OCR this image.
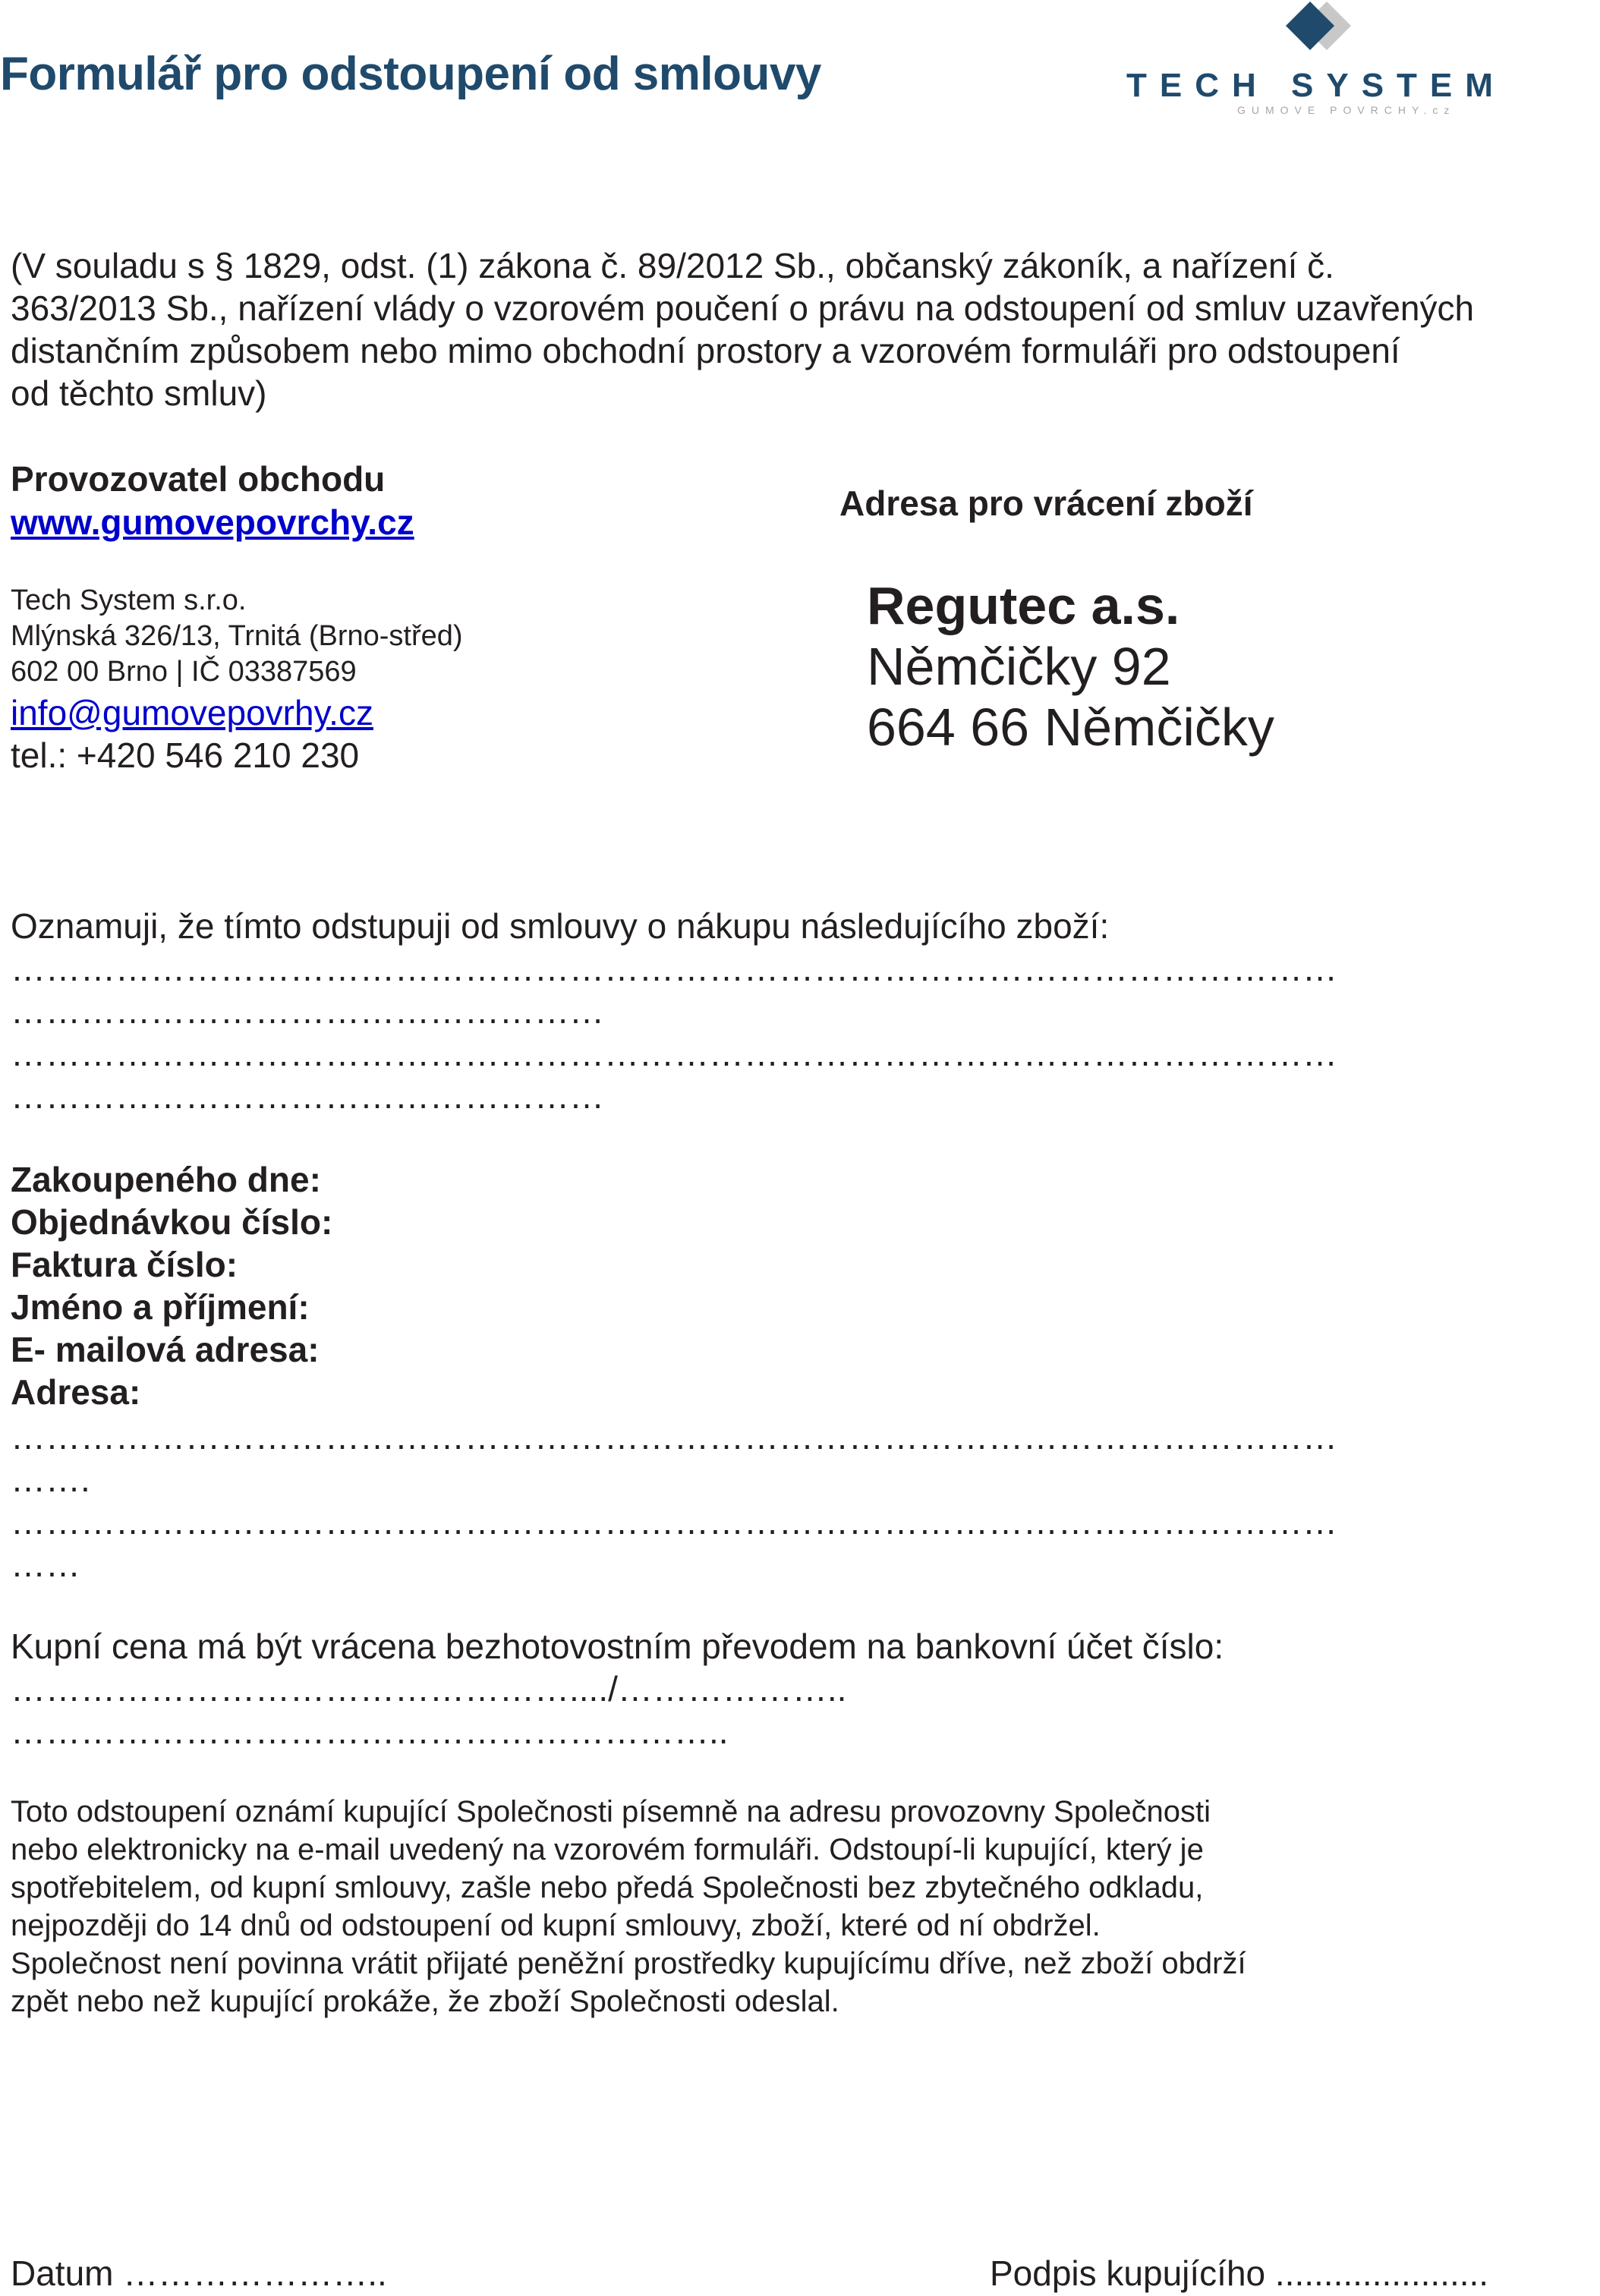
Formulář pro odstoupení od smlouvy	TECH SYSTEM
GUMOVE POVRCHY.cz
(V souladu s § 1829, odst. (1) zákona č. 89/2012 Sb., občanský zákoník, a nařízení č.
363/2013 Sb., nařízení vlády o vzorovém poučení o právu na odstoupení od smluv uzavřených
distančním způsobem nebo mimo obchodní prostory a vzorovém formuláři pro odstoupení
od těchto smluv)
Provozovatel obchodu
www.gumovepovrchy.cz
Tech System s.r.o.
Mlýnská 326/13, Trnitá (Brno-střed)
602 00 Brno | IČ 03387569
info@gumovepovrhy.cz
tel.: +420 546 210 230
Adresa pro vrácení zboží
Regutec a.s.
Němčičky 92
664 66 Němčičky
Oznamuji, že tímto odstupuji od smlouvy o nákupu následujícího zboží:
……………………………………………………………………………………………………
……………………………………………
……………………………………………………………………………………………………
……………………………………………
Zakoupeného dne:
Objednávkou číslo:
Faktura číslo:
Jméno a příjmení:
E- mailová adresa:
Adresa:
……………………………………………………………………………………………………
…….
……………………………………………………………………………………………………
……
Kupní cena má být vrácena bezhotovostním převodem na bankovní účet číslo:
…………………………………………..../………………..
……………………………………………………..
Toto odstoupení oznámí kupující Společnosti písemně na adresu provozovny Společnosti
nebo elektronicky na e-mail uvedený na vzorovém formuláři. Odstoupí-li kupující, který je
spotřebitelem, od kupní smlouvy, zašle nebo předá Společnosti bez zbytečného odkladu,
nejpozději do 14 dnů od odstoupení od kupní smlouvy, zboží, které od ní obdržel.
Společnost není povinna vrátit přijaté peněžní prostředky kupujícímu dříve, než zboží obdrží
zpět nebo než kupující prokáže, že zboží Společnosti odeslal.
Datum …………………..	Podpis kupujícího ......................
